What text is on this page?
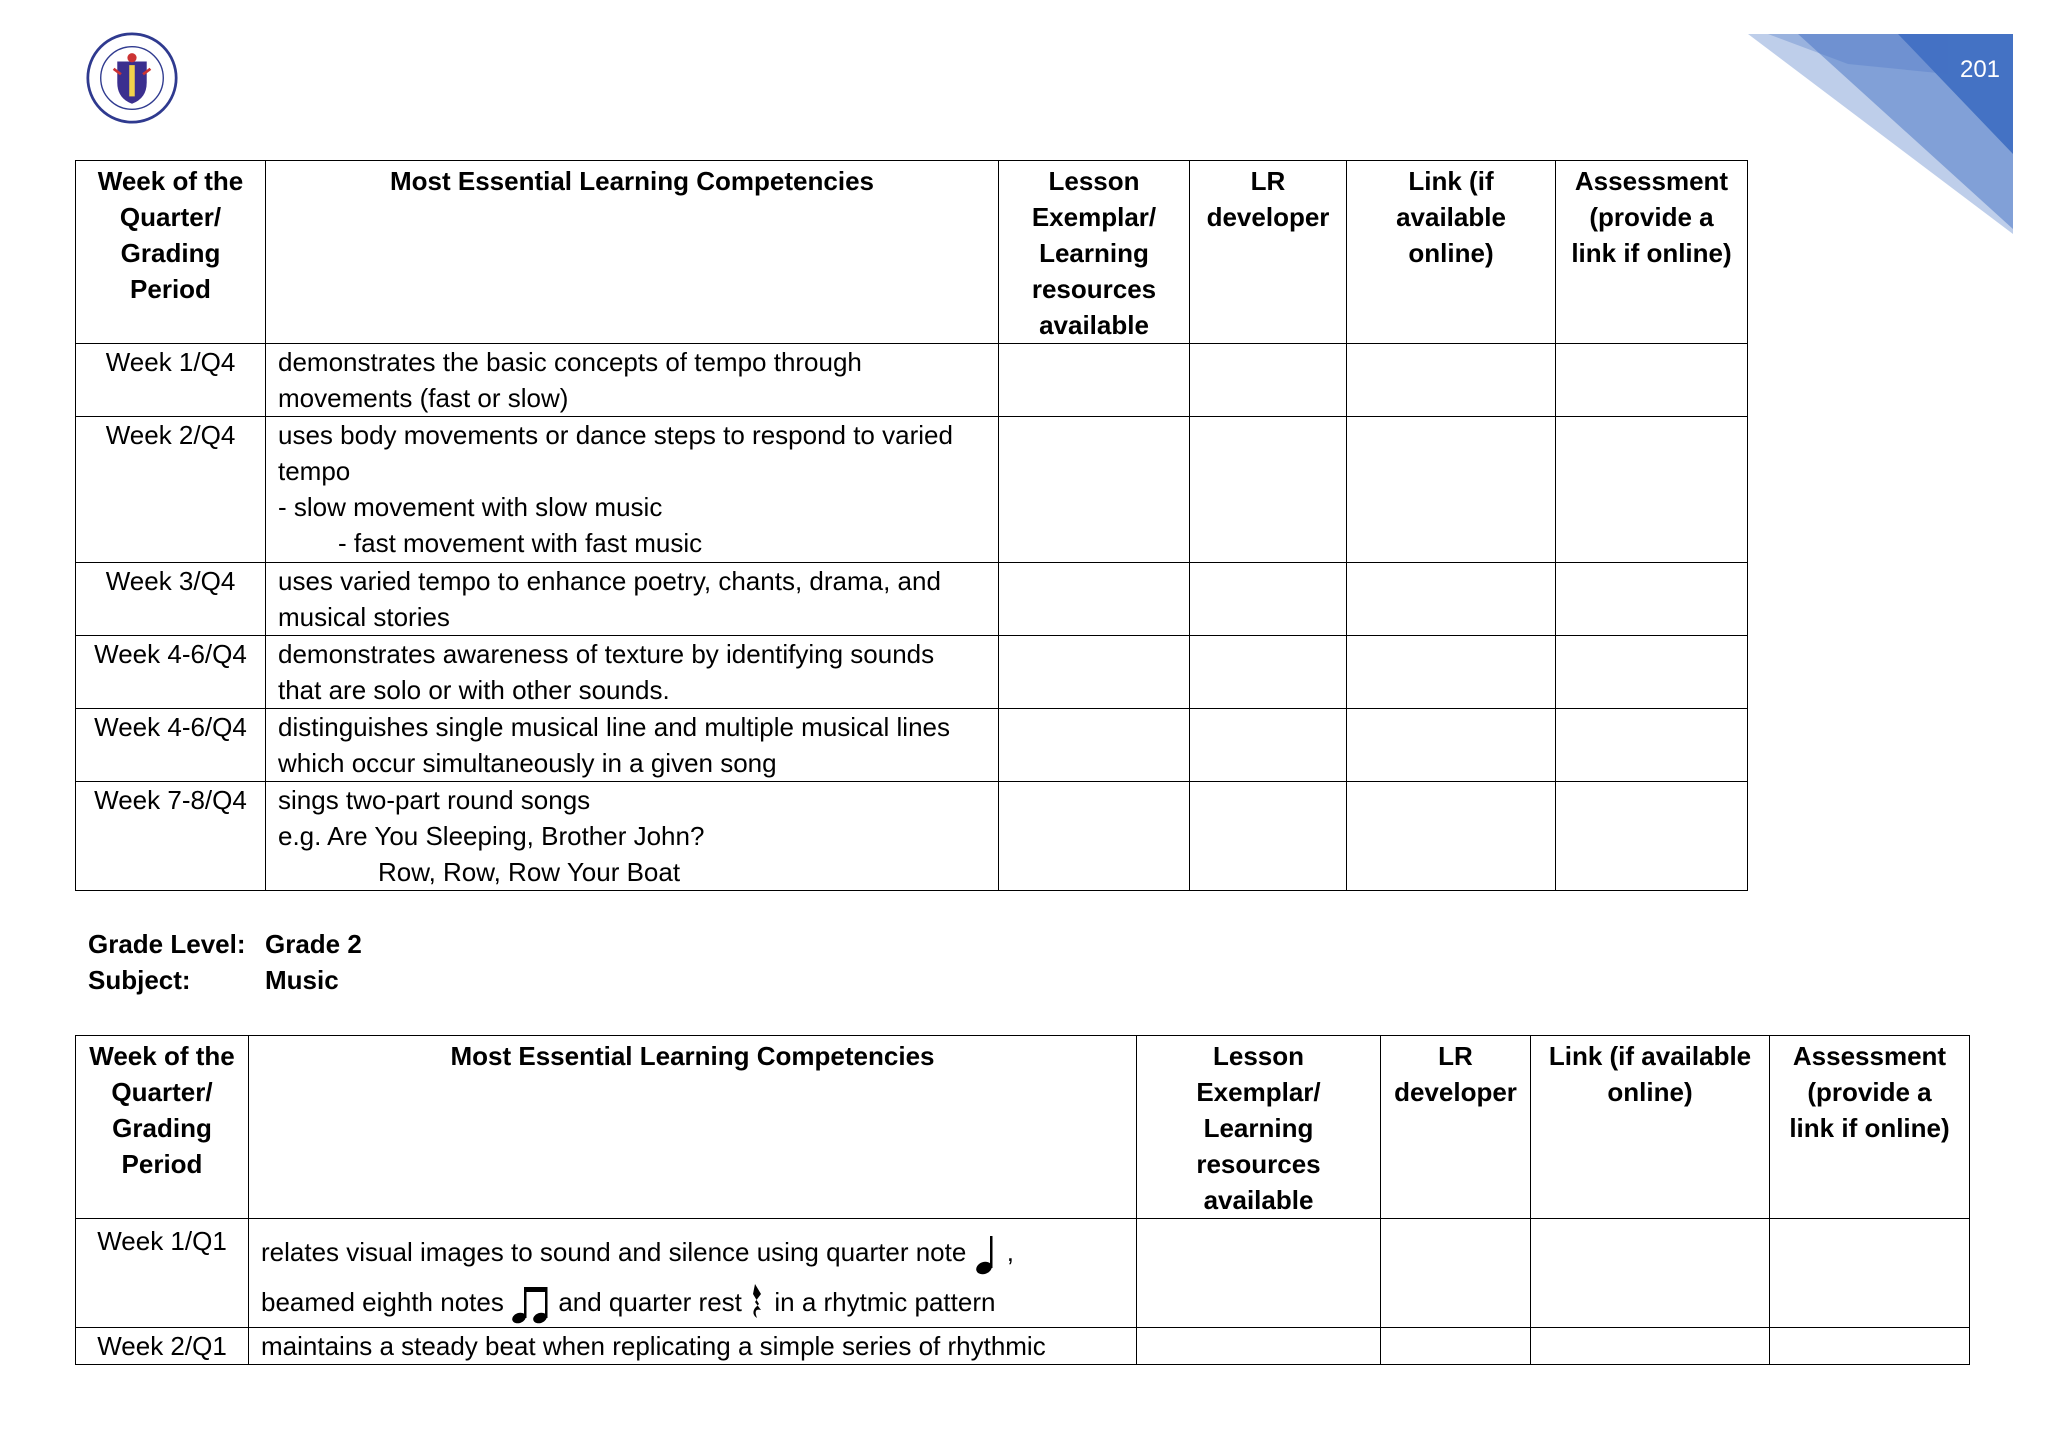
201
Week of the Quarter/ Grading Period	Most Essential Learning Competencies	Lesson Exemplar/ Learning resources available	LR developer	Link (if available online)	Assessment (provide a link if online)
Week 1/Q4	demonstrates the basic concepts of tempo through
movements (fast or slow)				

Week 2/Q4	uses body movements or dance steps to respond to varied
tempo
- slow movement with slow music
- fast movement with fast music				

Week 3/Q4	uses varied tempo to enhance poetry, chants, drama, and
musical stories				

Week 4-6/Q4	demonstrates awareness of texture by identifying sounds
that are solo or with other sounds.				

Week 4-6/Q4	distinguishes single musical line and multiple musical lines
which occur simultaneously in a given song				

Week 7-8/Q4	sings two-part round songs
e.g. Are You Sleeping, Brother John?
Row, Row, Row Your Boat				

Grade Level: Grade 2
Subject:	Music
Week of the Quarter/ Grading Period	Most Essential Learning Competencies	Lesson Exemplar/ Learning resources available	LR developer	Link (if available online)	Assessment (provide a link if online)
Week 1/Q1	relates visual images to sound and silence using quarter note ,
beamed eighth notes and quarter rest in a rhytmic pattern				

Week 2/Q1	maintains a steady beat when replicating a simple series of rhythmic				
